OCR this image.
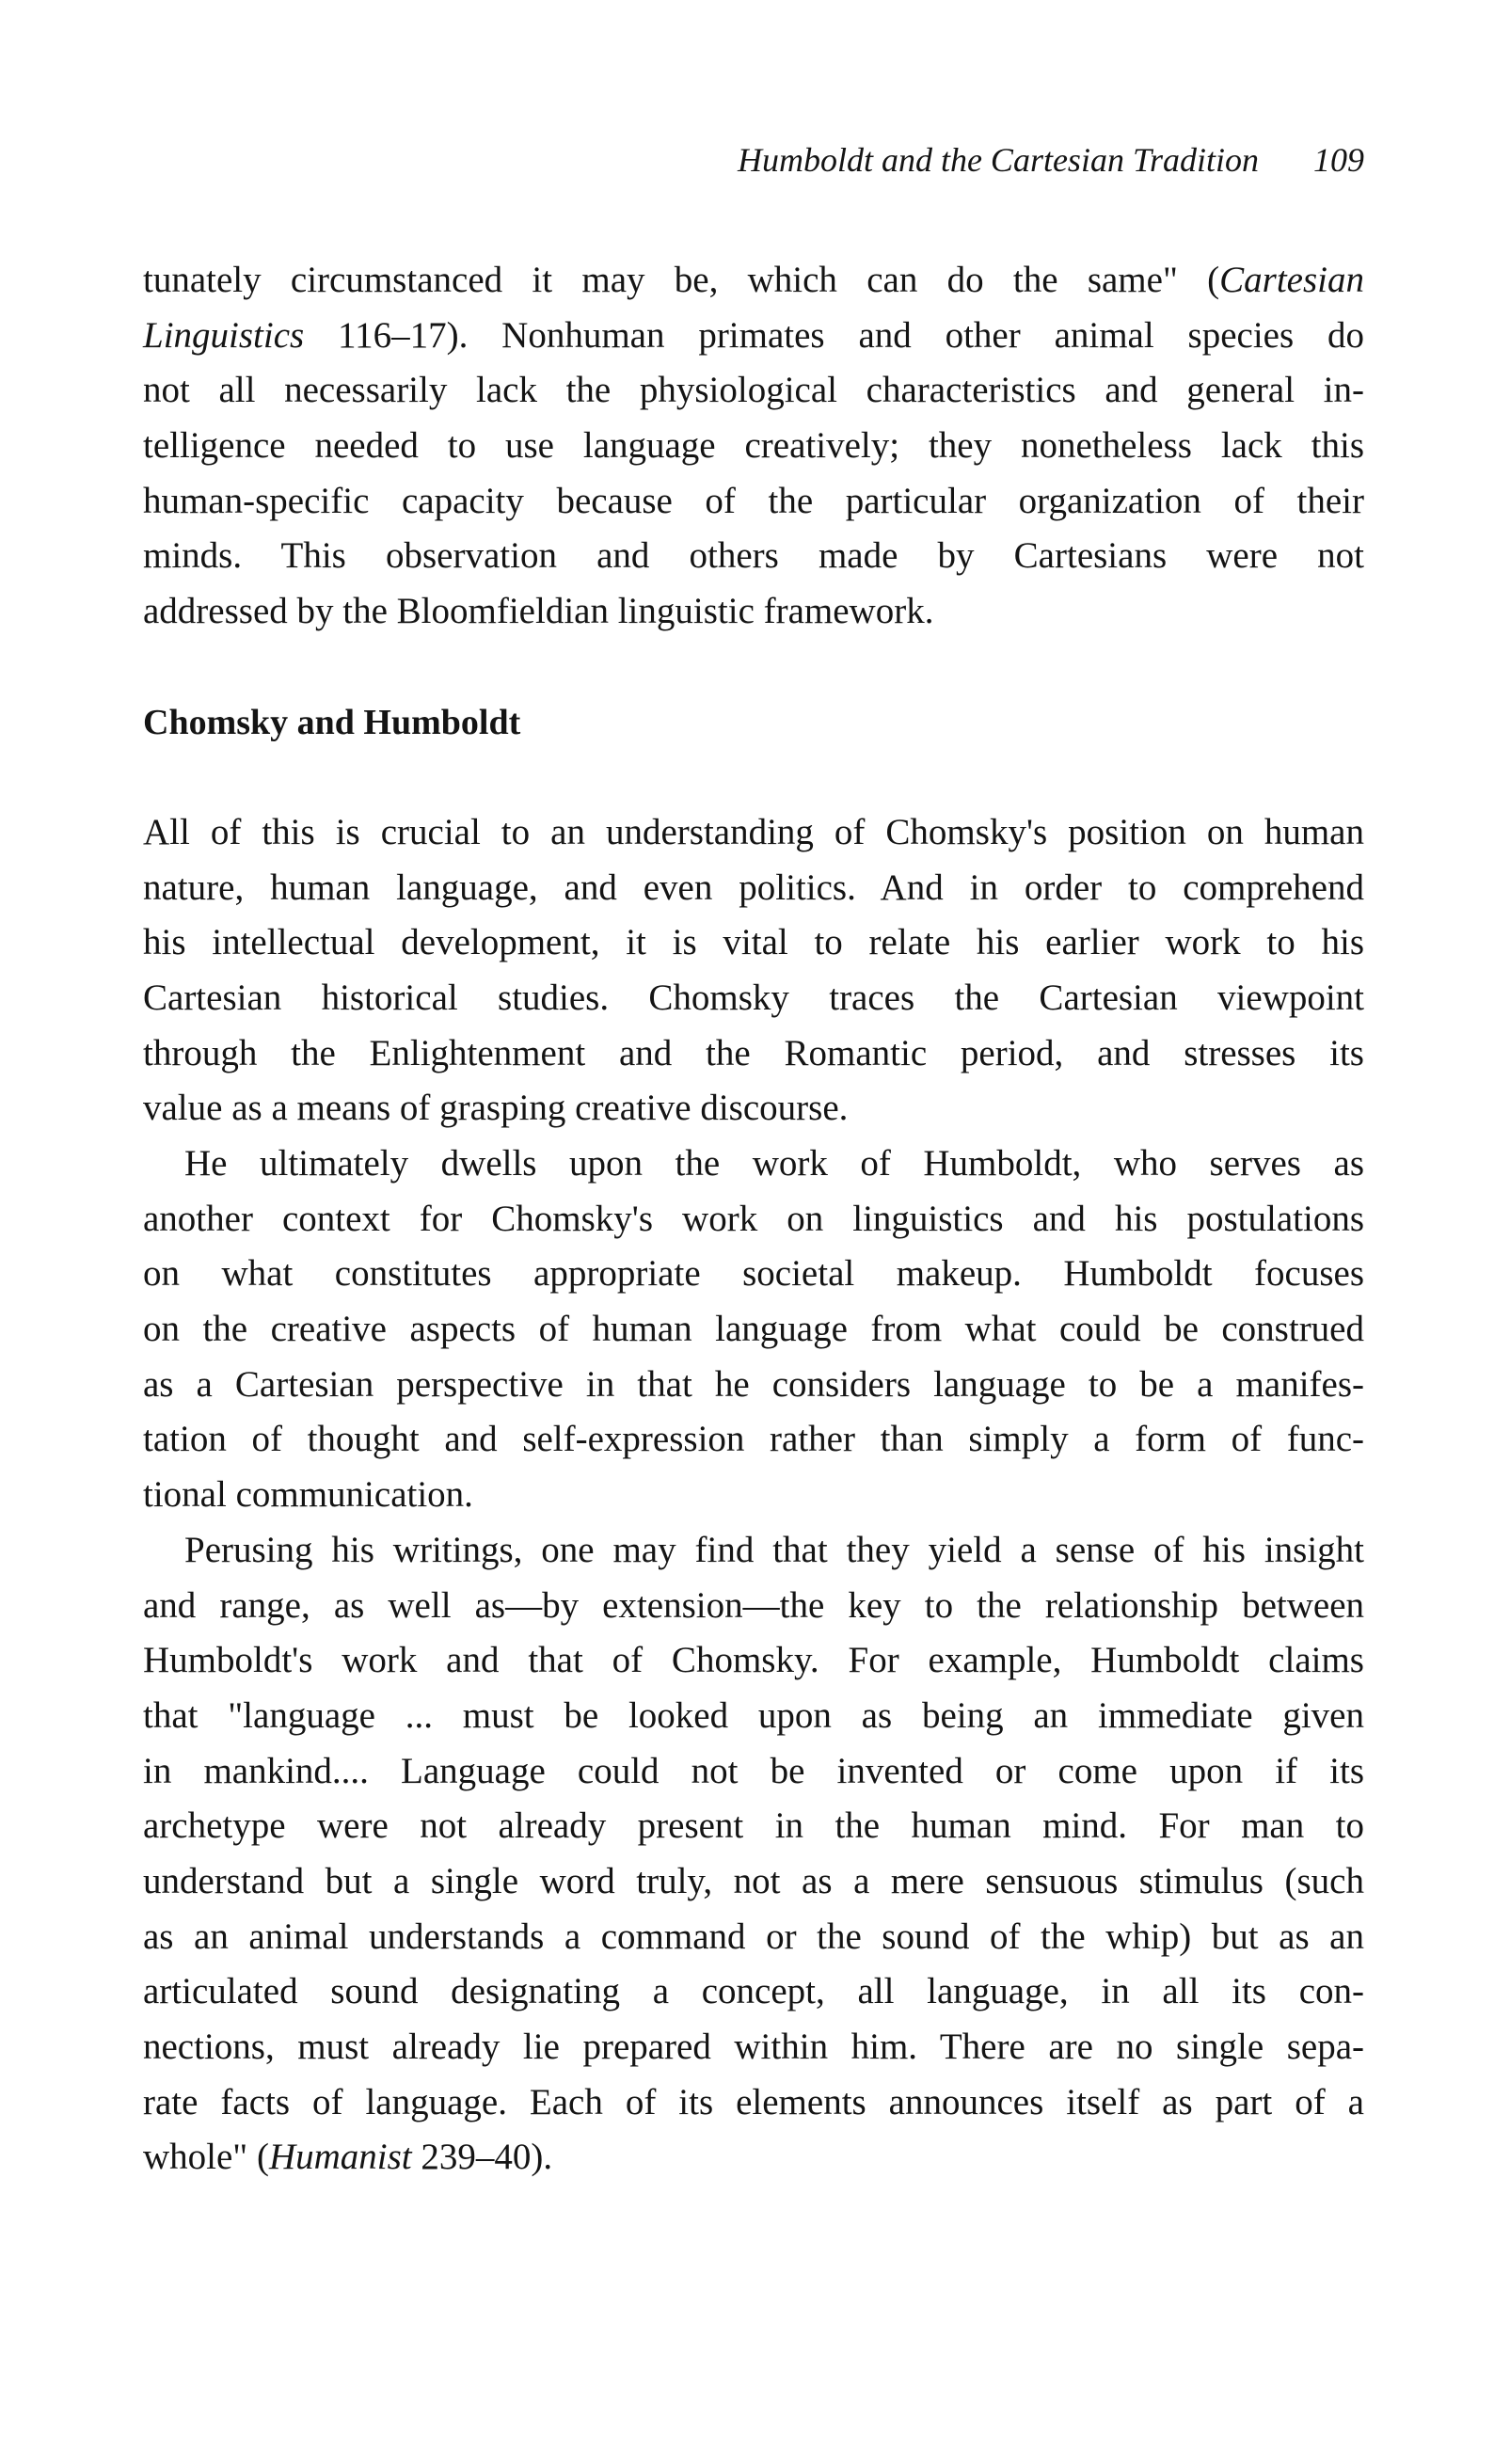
Humboldt and the Cartesian Tradition 109
tunately circumstanced it may be, which can do the same" (Cartesian
Linguistics 116–17). Nonhuman primates and other animal species do
not all necessarily lack the physiological characteristics and general in-
telligence needed to use language creatively; they nonetheless lack this
human-specific capacity because of the particular organization of their
minds. This observation and others made by Cartesians were not
addressed by the Bloomfieldian linguistic framework.
Chomsky and Humboldt
All of this is crucial to an understanding of Chomsky's position on human
nature, human language, and even politics. And in order to comprehend
his intellectual development, it is vital to relate his earlier work to his
Cartesian historical studies. Chomsky traces the Cartesian viewpoint
through the Enlightenment and the Romantic period, and stresses its
value as a means of grasping creative discourse.
He ultimately dwells upon the work of Humboldt, who serves as
another context for Chomsky's work on linguistics and his postulations
on what constitutes appropriate societal makeup. Humboldt focuses
on the creative aspects of human language from what could be construed
as a Cartesian perspective in that he considers language to be a manifes-
tation of thought and self-expression rather than simply a form of func-
tional communication.
Perusing his writings, one may find that they yield a sense of his insight
and range, as well as—by extension—the key to the relationship between
Humboldt's work and that of Chomsky. For example, Humboldt claims
that "language ... must be looked upon as being an immediate given
in mankind.... Language could not be invented or come upon if its
archetype were not already present in the human mind. For man to
understand but a single word truly, not as a mere sensuous stimulus (such
as an animal understands a command or the sound of the whip) but as an
articulated sound designating a concept, all language, in all its con-
nections, must already lie prepared within him. There are no single sepa-
rate facts of language. Each of its elements announces itself as part of a
whole" (Humanist 239–40).
